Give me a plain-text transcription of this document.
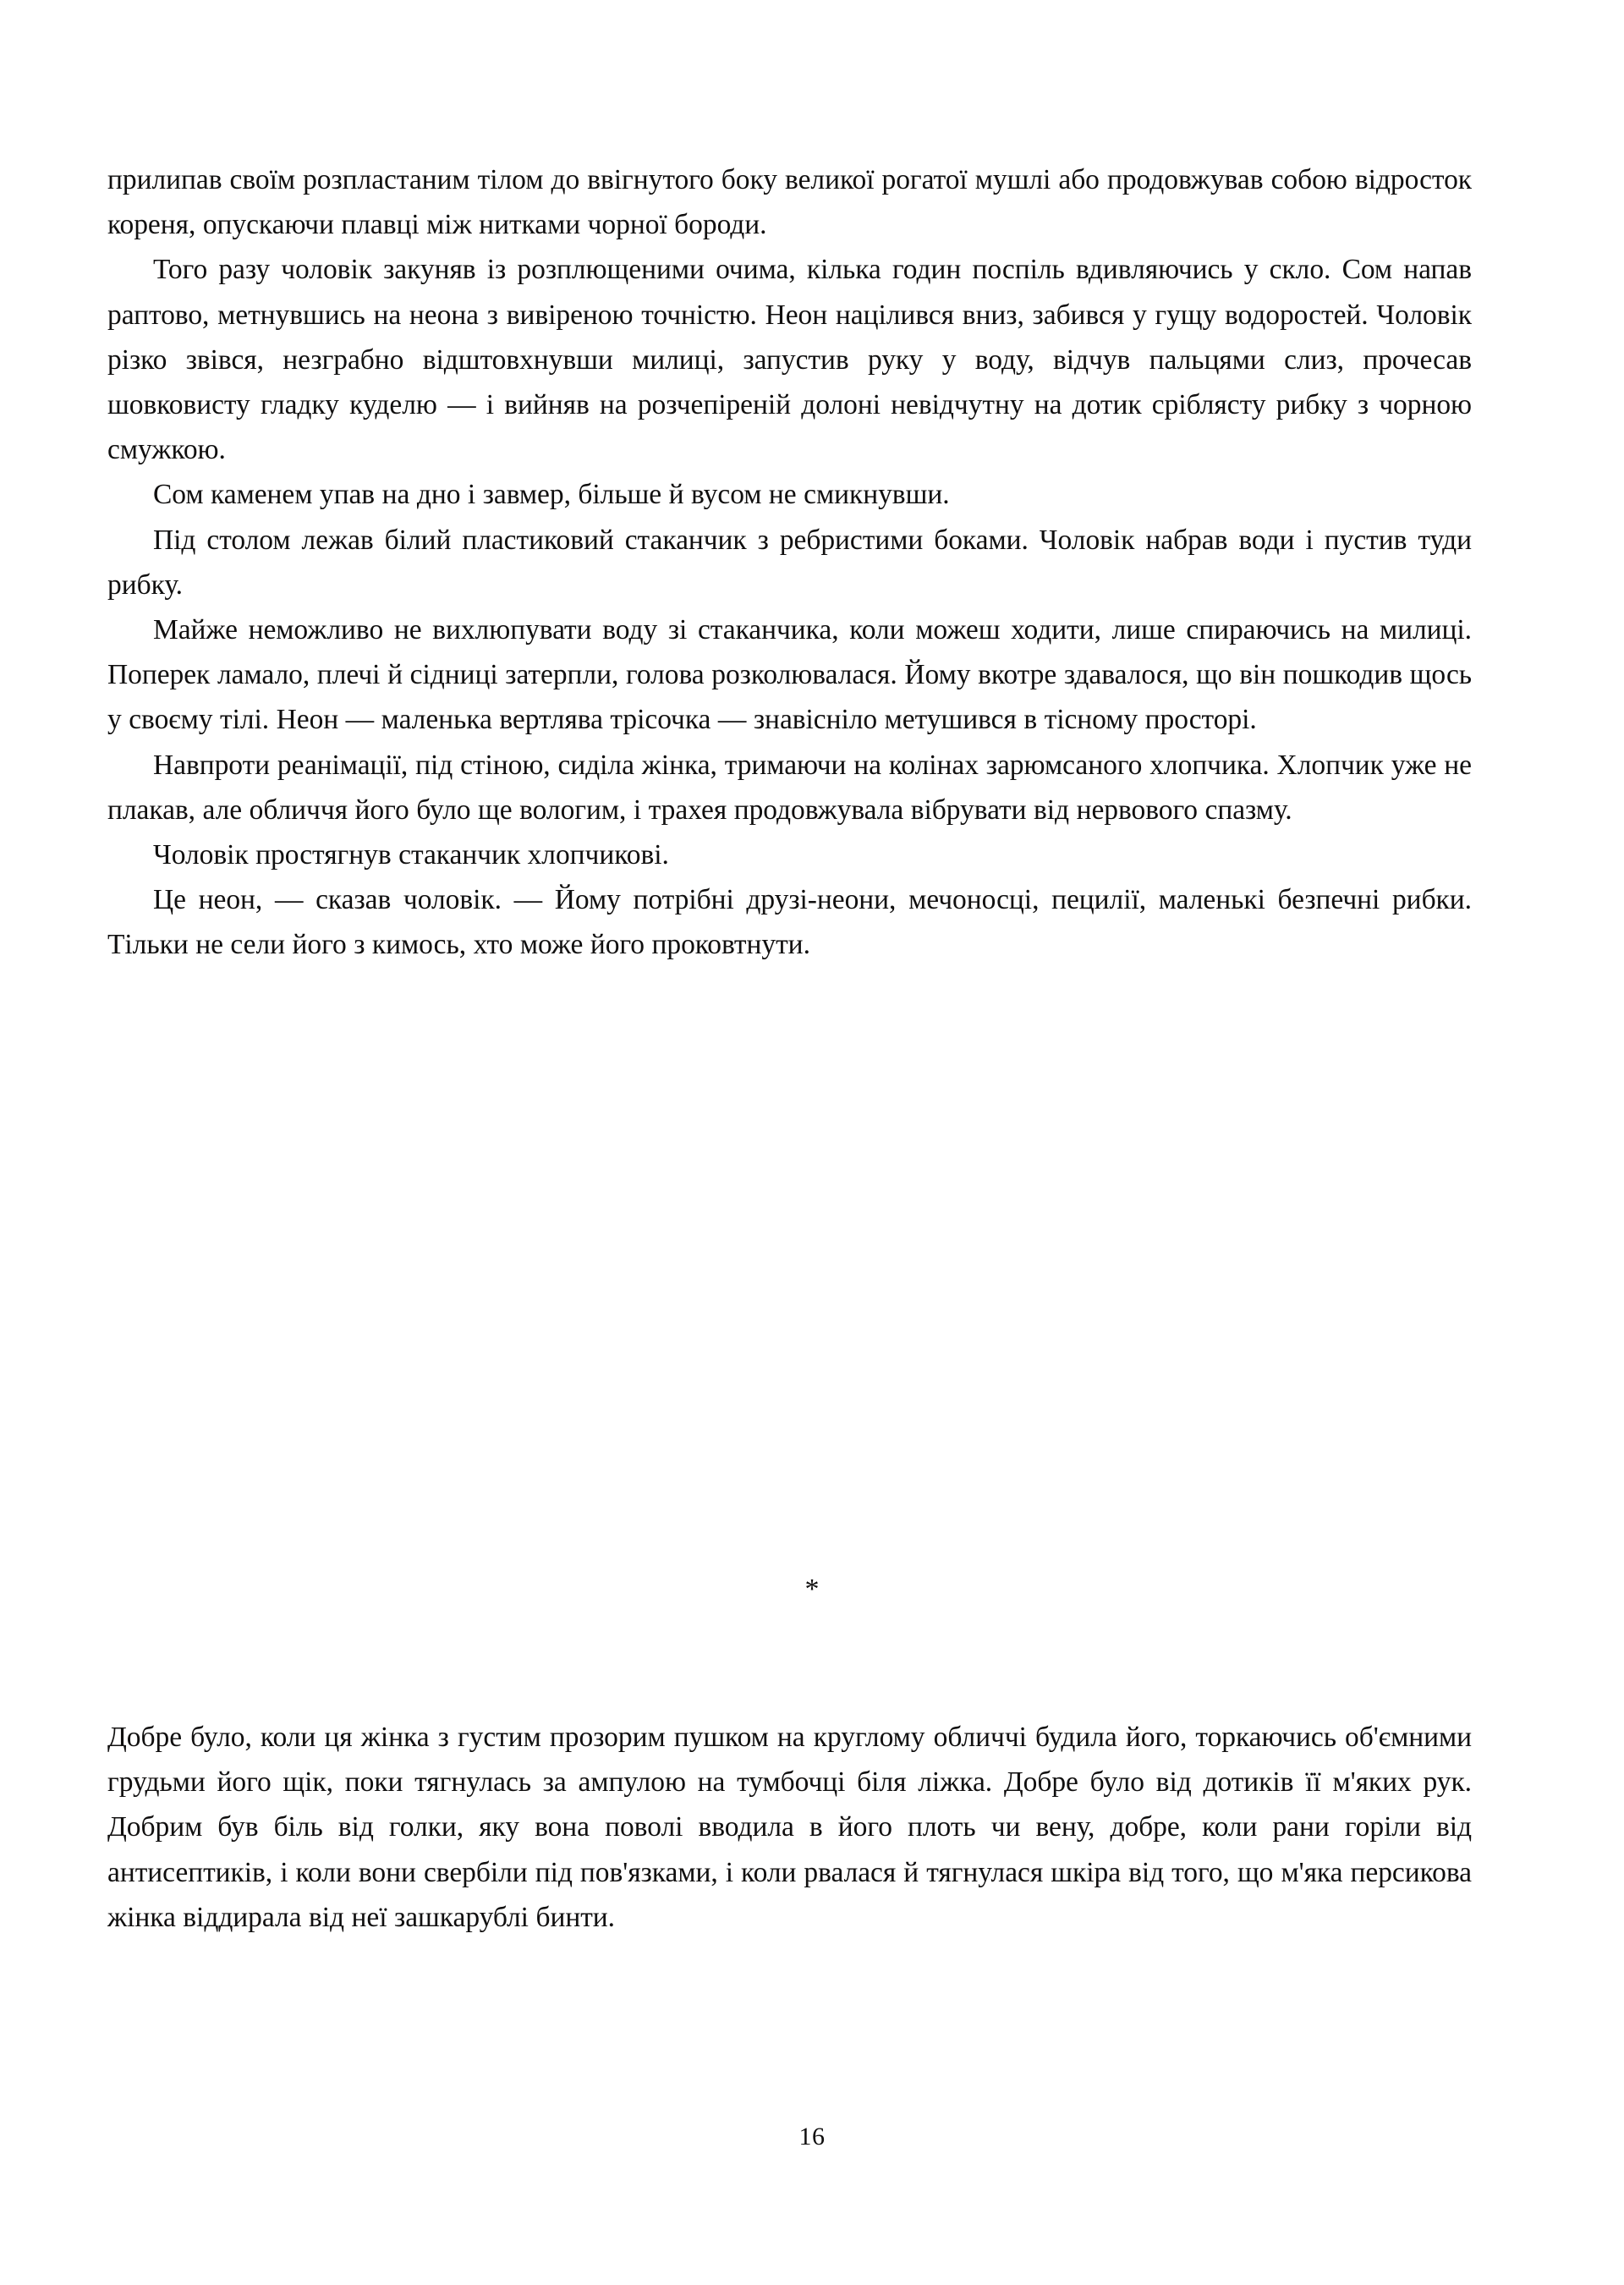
прилипав своїм розпластаним тілом до ввігнутого боку великої рогатої мушлі або продовжував собою відросток кореня, опускаючи плавці між нитками чорної бороди.

Того разу чоловік закуняв із розплющеними очима, кілька годин поспіль вдивляючись у скло. Сом напав раптово, метнувшись на неона з вивіреною точністю. Неон націлився вниз, забився у гущу водоростей. Чоловік різко звівся, незграбно відштовхнувши милиці, запустив руку у воду, відчув пальцями слиз, прочесав шовковисту гладку куделю — і вийняв на розчепіреній долоні невідчутну на дотик сріблясту рибку з чорною смужкою.

Сом каменем упав на дно і завмер, більше й вусом не смикнувши.

Під столом лежав білий пластиковий стаканчик з ребристими боками. Чоловік набрав води і пустив туди рибку.

Майже неможливо не вихлюпувати воду зі стаканчика, коли можеш ходити, лише спираючись на милиці. Поперек ламало, плечі й сідниці затерпли, голова розколювалася. Йому вкотре здавалося, що він пошкодив щось у своєму тілі. Неон — маленька вертлява трісочка — знавісніло метушився в тісному просторі.

Навпроти реанімації, під стіною, сиділа жінка, тримаючи на колінах зарюмсаного хлопчика. Хлопчик уже не плакав, але обличчя його було ще вологим, і трахея продовжувала вібрувати від нервового спазму.

Чоловік простягнув стаканчик хлопчикові.

Це неон, — сказав чоловік. — Йому потрібні друзі-неони, мечоносці, пецилії, маленькі безпечні рибки. Тільки не сели його з кимось, хто може його проковтнути.

*

Добре було, коли ця жінка з густим прозорим пушком на круглому обличчі будила його, торкаючись об'ємними грудьми його щік, поки тягнулась за ампулою на тумбочці біля ліжка. Добре було від дотиків її м'яких рук. Добрим був біль від голки, яку вона поволі вводила в його плоть чи вену, добре, коли рани горіли від антисептиків, і коли вони свербіли під пов'язками, і коли рвалася й тягнулася шкіра від того, що м'яка персикова жінка віддирала від неї зашкарублі бинти.

16
